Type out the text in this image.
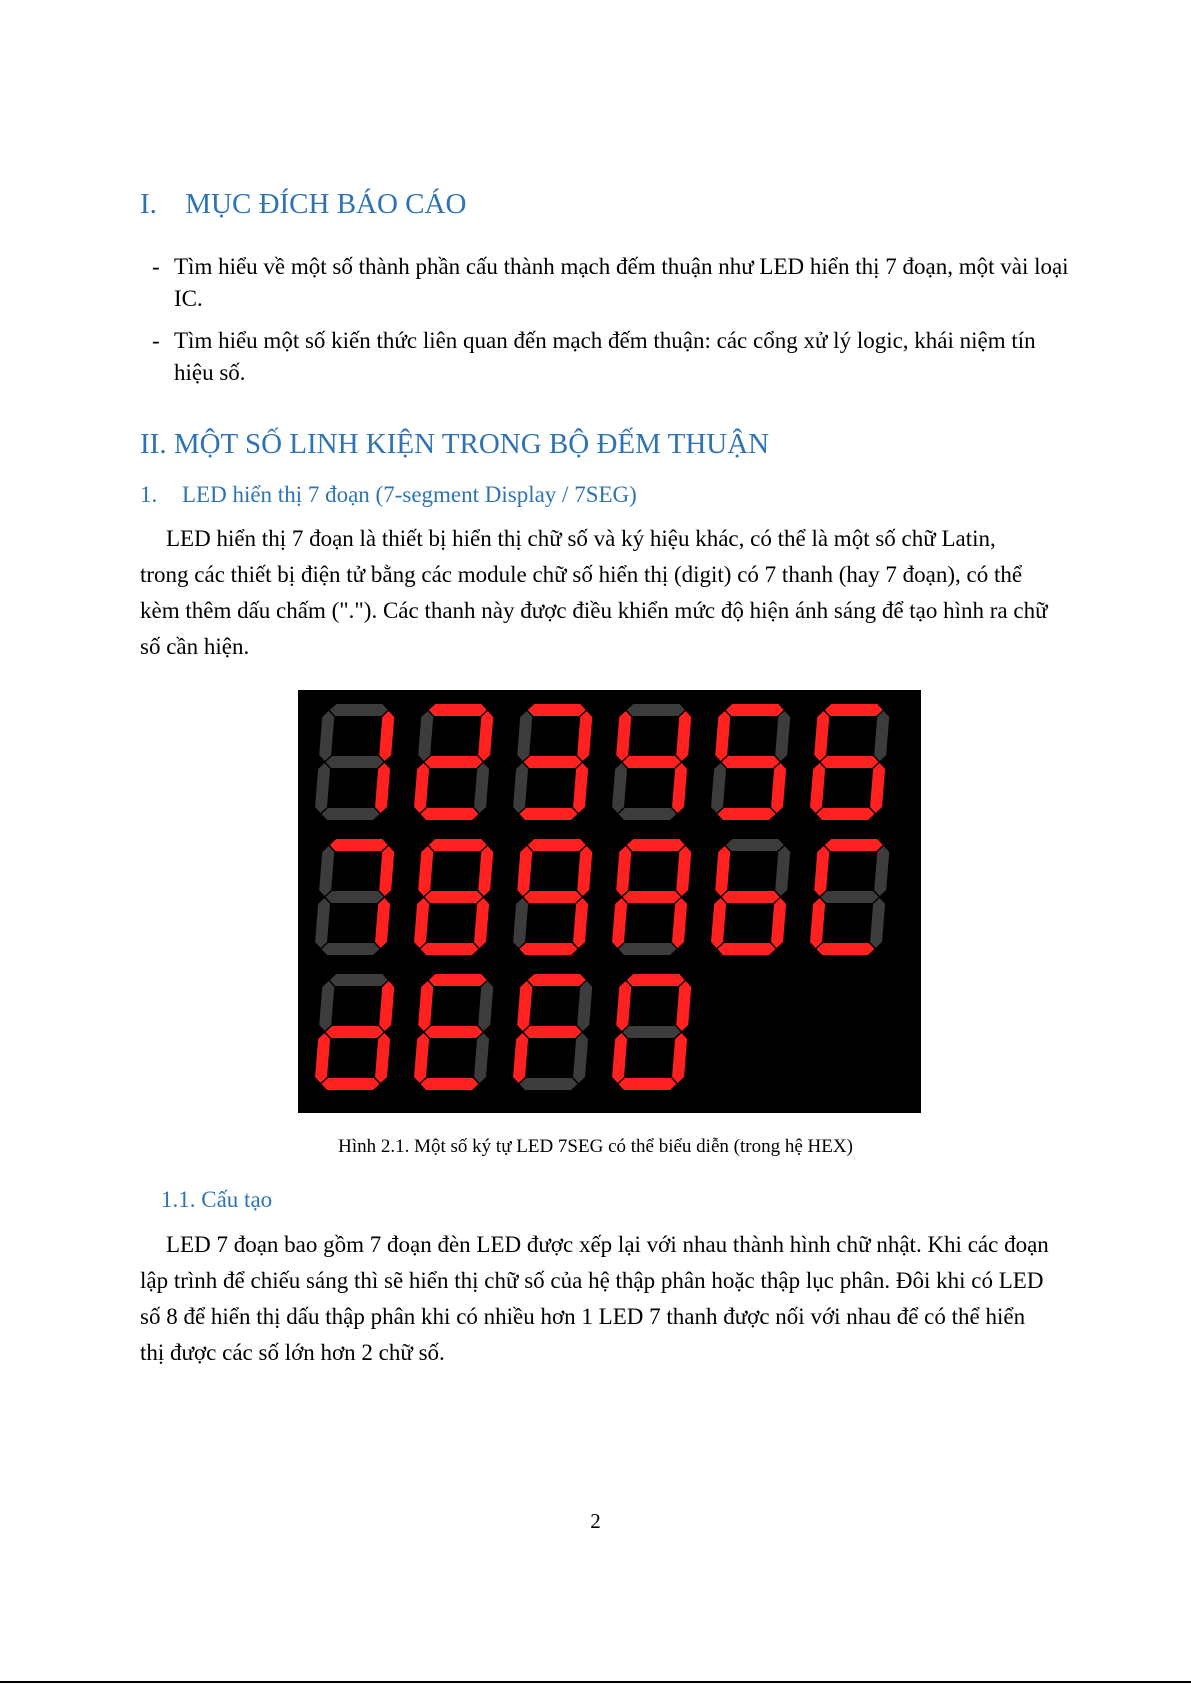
I. MỤC ĐÍCH BÁO CÁO
- Tìm hiểu về một số thành phần cấu thành mạch đếm thuận như LED hiển thị 7 đoạn, một vài loại IC.
- Tìm hiểu một số kiến thức liên quan đến mạch đếm thuận: các cổng xử lý logic, khái niệm tín hiệu số.
II. MỘT SỐ LINH KIỆN TRONG BỘ ĐẾM THUẬN
1. LED hiển thị 7 đoạn (7-segment Display / 7SEG)

LED hiển thị 7 đoạn là thiết bị hiển thị chữ số và ký hiệu khác, có thể là một số chữ Latin, trong các thiết bị điện tử bằng các module chữ số hiển thị (digit) có 7 thanh (hay 7 đoạn), có thể kèm thêm dấu chấm ("."). Các thanh này được điều khiển mức độ hiện ánh sáng để tạo hình ra chữ số cần hiện.

Hình 2.1. Một số ký tự LED 7SEG có thể biểu diễn (trong hệ HEX)

1.1. Cấu tạo

LED 7 đoạn bao gồm 7 đoạn đèn LED được xếp lại với nhau thành hình chữ nhật. Khi các đoạn lập trình để chiếu sáng thì sẽ hiển thị chữ số của hệ thập phân hoặc thập lục phân. Đôi khi có LED số 8 để hiển thị dấu thập phân khi có nhiều hơn 1 LED 7 thanh được nối với nhau để có thể hiển thị được các số lớn hơn 2 chữ số.

2
